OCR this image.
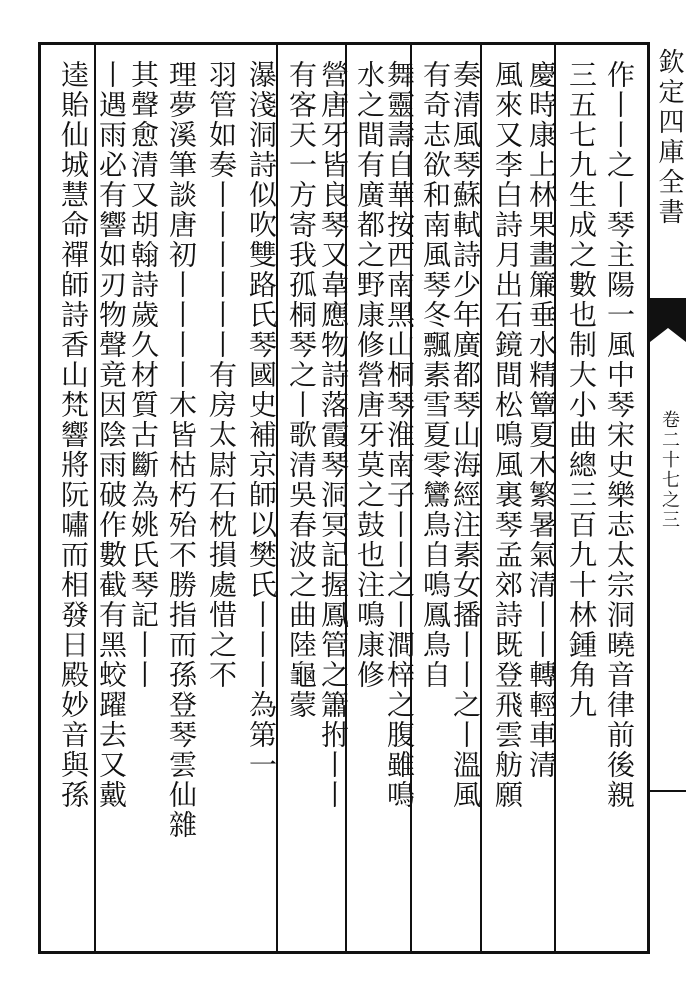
欽定四庫全書
卷二十七之三
作丨丨之丨琴主陽一風中琴宋史樂志太宗洞曉音律前後親
三五七九生成之數也制大小曲總三百九十林鍾角九
慶時康上林果畫簾垂水精簟夏木繁暑氣清丨丨轉輕車清
風來又李白詩月出石鏡間松鳴風裏琴孟郊詩既登飛雲舫願
奏清風琴蘇軾詩少年廣都琴山海經注素女播丨丨之丨溫風
有奇志欲和南風琴冬飄素雪夏零鸞鳥自鳴鳳鳥自
舞靈壽自華按西南黑山桐琴淮南子丨丨之丨澗梓之腹雖鳴
水之間有廣都之野康修營唐牙莫之鼓也注鳴康修
營唐牙皆良琴又韋應物詩落霞琴洞冥記握鳳管之簫拊丨丨
有客天一方寄我孤桐琴之丨歌清吳春波之曲陸龜蒙
瀑淺洞詩似吹雙路氏琴國史補京師以樊氏丨丨丨為第一
羽管如奏丨丨丨丨丨丨有房太尉石枕損處惜之不
理夢溪筆談唐初丨丨丨丨木皆枯朽殆不勝指而孫登琴雲仙雜
其聲愈清又胡翰詩歲久材質古斷為姚氏琴記丨丨
丨遇雨必有響如刃物聲竟因陰雨破作數截有黑蛟躍去又戴
逵貽仙城慧命禪師詩香山梵響將阮嘯而相發日殿妙音與孫
